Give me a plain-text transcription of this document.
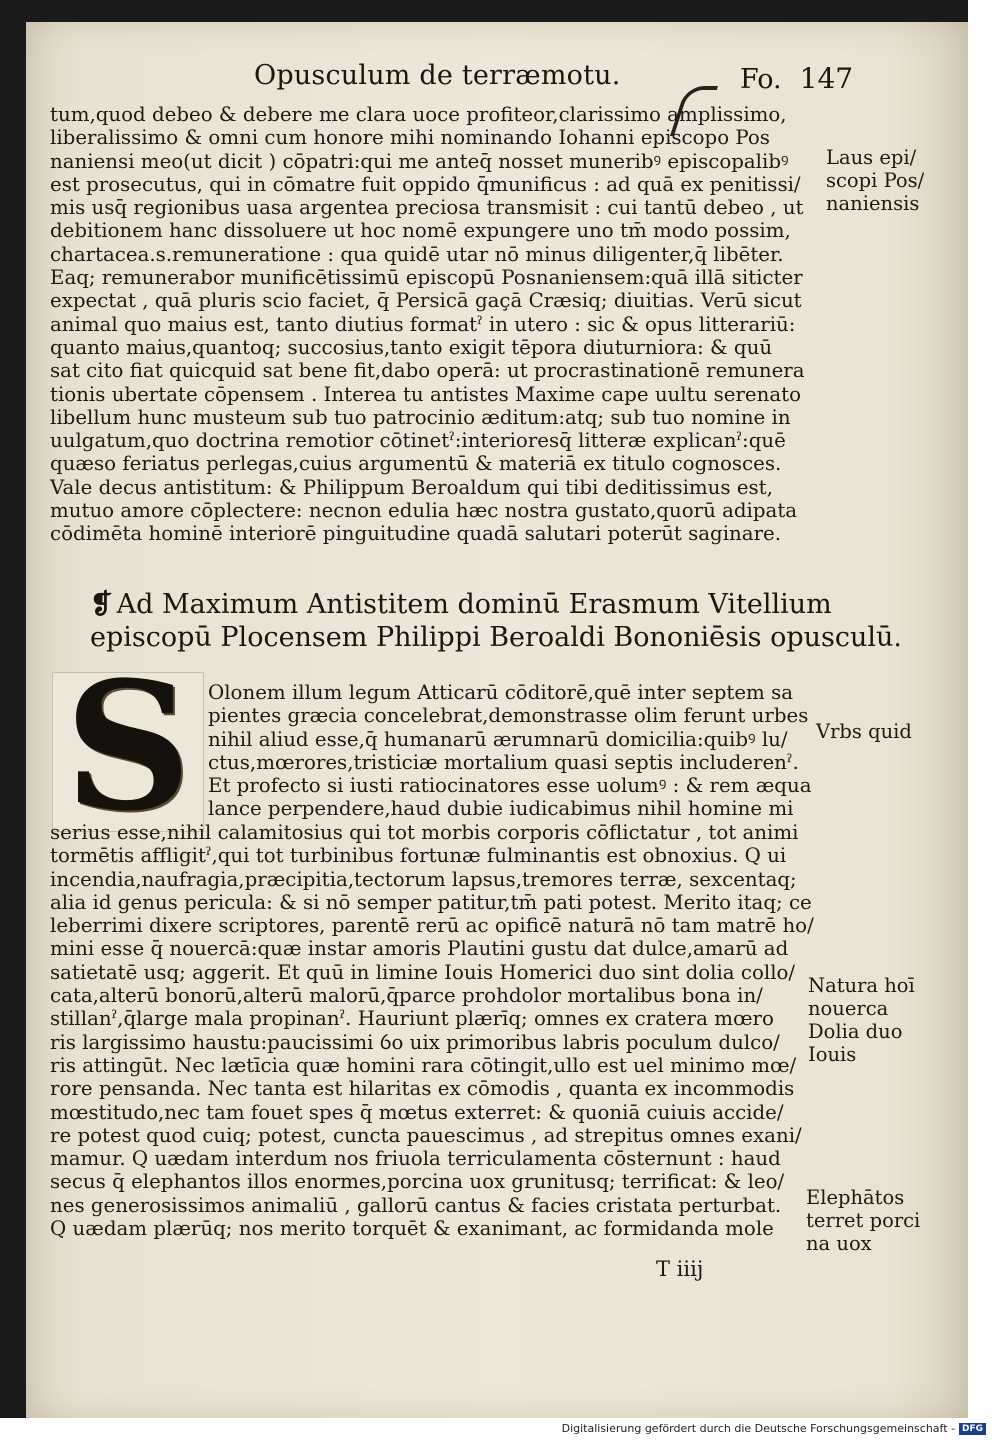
Opusculum de terræmotu.	Fo. 147
tum,quod debeo & debere me clara uoce profiteor,clarissimo amplissimo,
liberalissimo & omni cum honore mihi nominando Iohanni episcopo Pos
naniensi meo(ut dicit ) cōpatri:qui me anteq̄ nosset muneribꝰ episcopalibꝰ
est prosecutus, qui in cōmatre fuit oppido q̄munificus : ad quā ex penitissi/
mis usq̄ regionibus uasa argentea preciosa transmisit : cui tantū debeo , ut
debitionem hanc dissoluere ut hoc nomē expungere uno tm̄ modo possim,
chartacea.s.remuneratione : qua quidē utar nō minus diligenter,q̄ libēter.
Eaq; remunerabor munificētissimū episcopū Posnaniensem:quā illā siticter
expectat , quā pluris scio faciet, q̄ Persicā gaçā Cræsiq; diuitias. Verū sicut
animal quo maius est, tanto diutius formatˀ in utero : sic & opus litterariū:
quanto maius,quantoq; succosius,tanto exigit tēpora diuturniora: & quū
sat cito fiat quicquid sat bene fit,dabo operā: ut procrastinationē remunera
tionis ubertate cōpensem . Interea tu antistes Maxime cape uultu serenato
libellum hunc musteum sub tuo patrocinio æditum:atq; sub tuo nomine in
uulgatum,quo doctrina remotior cōtinetˀ:interioresq̄ litteræ explicanˀ:quē
quæso feriatus perlegas,cuius argumentū & materiā ex titulo cognosces.
Vale decus antistitum: & Philippum Beroaldum qui tibi deditissimus est,
mutuo amore cōplectere: necnon edulia hæc nostra gustato,quorū adipata
cōdimēta hominē interiorē pinguitudine quadā salutari poterūt saginare.
❡ Ad Maximum Antistitem dominū Erasmum Vitellium
episcopū Plocensem Philippi Beroaldi Bononiēsis opusculū.
S Olonem illum legum Atticarū cōditorē,quē inter septem sa
pientes græcia concelebrat,demonstrasse olim ferunt urbes
nihil aliud esse,q̄ humanarū ærumnarū domicilia:quibꝰ lu/
ctus,mœrores,tristiciæ mortalium quasi septis includerenˀ.
Et profecto si iusti ratiocinatores esse uolumꝰ : & rem æqua
lance perpendere,haud dubie iudicabimus nihil homine mi
serius esse,nihil calamitosius qui tot morbis corporis cōflictatur , tot animi
tormētis affligitˀ,qui tot turbinibus fortunæ fulminantis est obnoxius. Q ui
incendia,naufragia,præcipitia,tectorum lapsus,tremores terræ, sexcentaq;
alia id genus pericula: & si nō semper patitur,tm̄ pati potest. Merito itaq; ce
leberrimi dixere scriptores, parentē rerū ac opificē naturā nō tam matrē ho/
mini esse q̄ nouercā:quæ instar amoris Plautini gustu dat dulce,amarū ad
satietatē usq; aggerit. Et quū in limine Iouis Homerici duo sint dolia collo/
cata,alterū bonorū,alterū malorū,q̄parce prohdolor mortalibus bona in/
stillanˀ,q̄large mala propinanˀ. Hauriunt plærīq; omnes ex cratera mœro
ris largissimo haustu:paucissimi ỽo uix primoribus labris poculum dulco/
ris attingūt. Nec lætīcia quæ homini rara cōtingit,ullo est uel minimo mœ/
rore pensanda. Nec tanta est hilaritas ex cōmodis , quanta ex incommodis
mœstitudo,nec tam fouet spes q̄ mœtus exterret: & quoniā cuiuis accide/
re potest quod cuiq; potest, cuncta pauescimus , ad strepitus omnes exani/
mamur. Q uædam interdum nos friuola terriculamenta cōsternunt : haud
secus q̄ elephantos illos enormes,porcina uox grunitusq; terrificat: & leo/
nes generosissimos animaliū , gallorū cantus & facies cristata perturbat.
Q uædam plærūq; nos merito torquēt & exanimant, ac formidanda mole
Laus epi/
scopi Pos/
naniensis
Vrbs quid
Natura hoī
nouerca
Dolia duo
Iouis
Elephātos
terret porci
na uox
T iiij
Digitalisierung gefördert durch die Deutsche Forschungsgemeinschaft - DFG
